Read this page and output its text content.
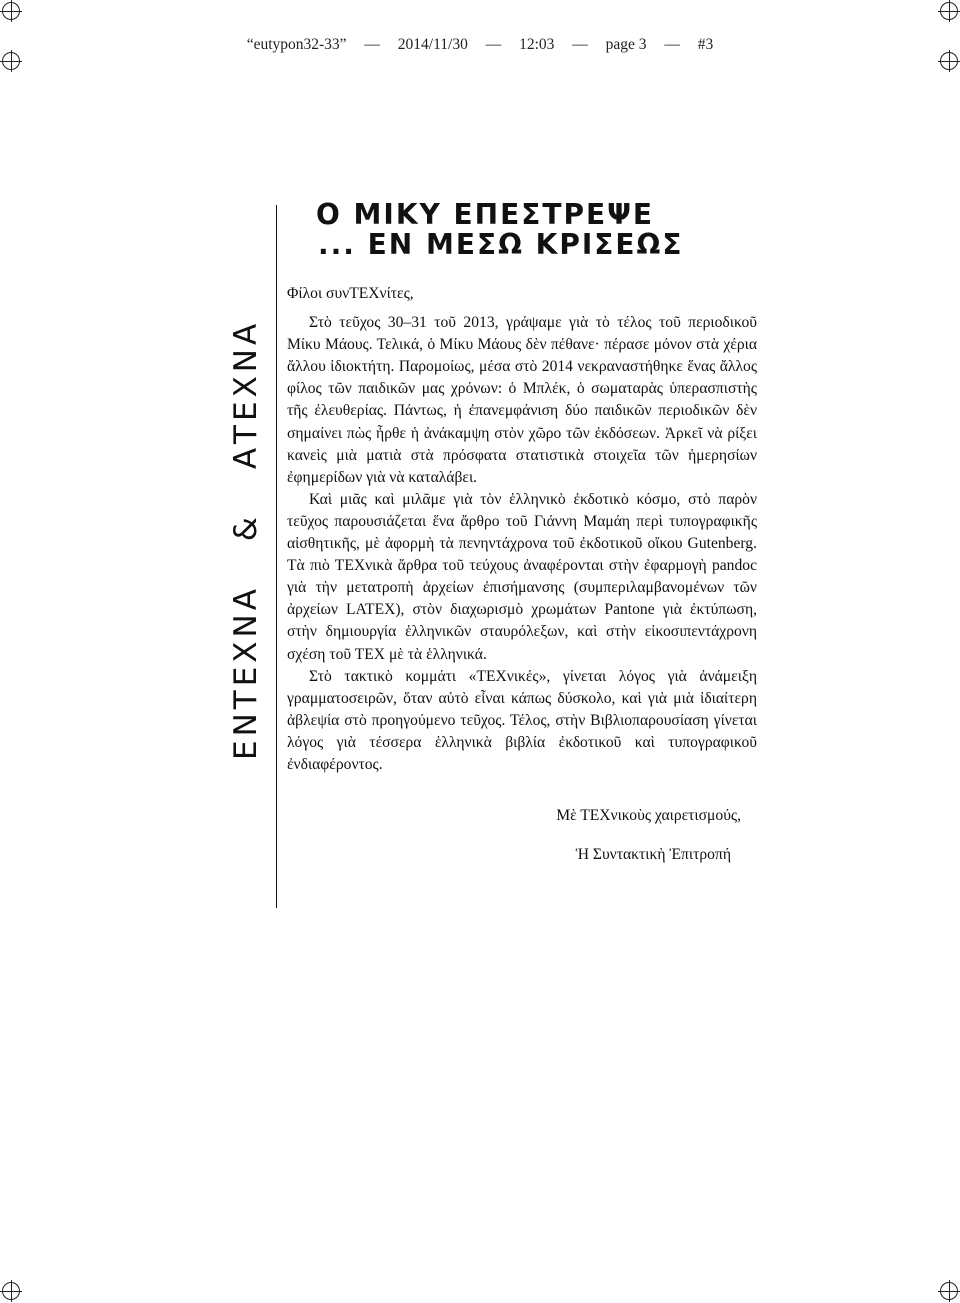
“eutypon32-33” — 2014/11/30 — 12:03 — page 3 — #3
ΕΝΤΕΧΝΑ & ΑΤΕΧΝΑ
Ο ΜΙΚΥ ΕΠΕΣΤΡΕΨΕ
... ΕΝ ΜΕΣΩ ΚΡΙΣΕΩΣ

Φίλοι συνΤΕΧνίτες,

Στὸ τεῦχος 30–31 τοῦ 2013, γράψαμε γιὰ τὸ τέλος τοῦ περιοδικοῦ Μίκυ Μάους. Τελικά, ὁ Μίκυ Μάους δὲν πέθανε· πέρασε μόνον στὰ χέρια ἄλλου ἰδιοκτήτη. Παρομοίως, μέσα στὸ 2014 νεκραναστήθηκε ἕνας ἄλλος φίλος τῶν παιδικῶν μας χρόνων: ὁ Μπλέκ, ὁ σωματαρὰς ὑπερασπιστὴς τῆς ἐλευθερίας. Πάντως, ἡ ἐπανεμφάνιση δύο παιδικῶν περιοδικῶν δὲν σημαίνει πὼς ἦρθε ἡ ἀνάκαμψη στὸν χῶρο τῶν ἐκδόσεων. Ἀρκεῖ νὰ ρίξει κανεὶς μιὰ ματιὰ στὰ πρόσφατα στατιστικὰ στοιχεῖα τῶν ἡμερησίων ἐφημερίδων γιὰ νὰ καταλάβει.

Καὶ μιᾶς καὶ μιλᾶμε γιὰ τὸν ἑλληνικὸ ἐκδοτικὸ κόσμο, στὸ παρὸν τεῦχος παρουσιάζεται ἕνα ἄρθρο τοῦ Γιάννη Μαμάη περὶ τυπογραφικῆς αἰσθητικῆς, μὲ ἀφορμὴ τὰ πενηντάχρονα τοῦ ἐκδοτικοῦ οἴκου Gutenberg. Τὰ πιὸ ΤΕΧνικὰ ἄρθρα τοῦ τεύχους ἀναφέρονται στὴν ἐφαρμογὴ pandoc γιὰ τὴν μετατροπὴ ἀρχείων ἐπισήμανσης (συμπεριλαμβανομένων τῶν ἀρχείων LATEX), στὸν διαχωρισμὸ χρωμάτων Pantone γιὰ ἐκτύπωση, στὴν δημιουργία ἑλληνικῶν σταυρόλεξων, καὶ στὴν εἰκοσιπεντάχρονη σχέση τοῦ ΤΕΧ μὲ τὰ ἑλληνικά.

Στὸ τακτικὸ κομμάτι «ΤΕΧνικές», γίνεται λόγος γιὰ ἀνάμειξη γραμματοσειρῶν, ὅταν αὐτὸ εἶναι κάπως δύσκολο, καὶ γιὰ μιὰ ἰδιαίτερη ἀβλεψία στὸ προηγούμενο τεῦχος. Τέλος, στὴν Βιβλιοπαρουσίαση γίνεται λόγος γιὰ τέσσερα ἑλληνικὰ βιβλία ἐκδοτικοῦ καὶ τυπογραφικοῦ ἐνδιαφέροντος.

Μὲ ΤΕΧνικοὺς χαιρετισμούς,
Ἡ Συντακτικὴ Ἐπιτροπή
